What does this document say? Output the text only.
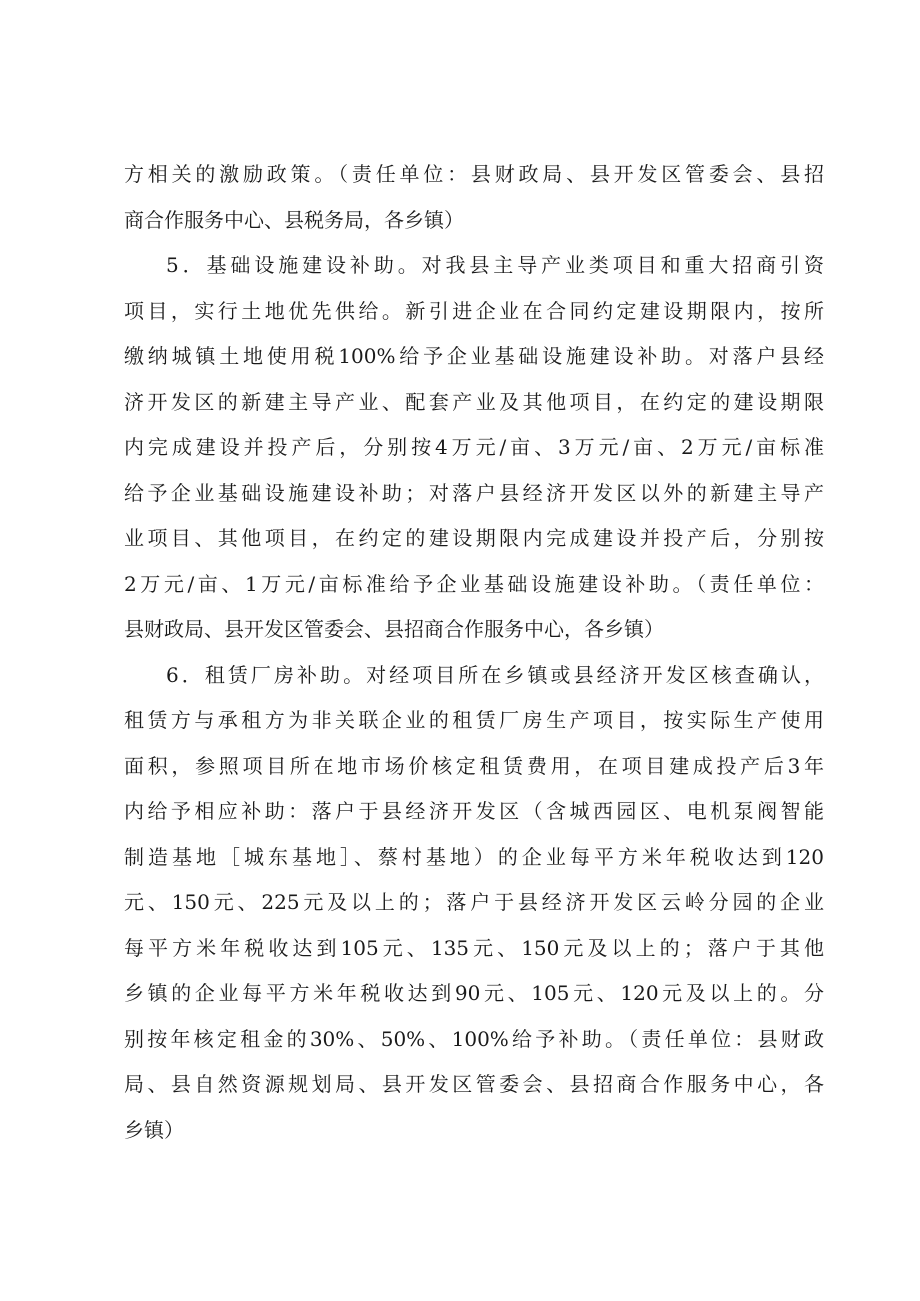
方相关的激励政策。（责任单位：县财政局、县开发区管委会、县招
商合作服务中心、县税务局，各乡镇）
5．基础设施建设补助。对我县主导产业类项目和重大招商引资
项目，实行土地优先供给。新引进企业在合同约定建设期限内，按所
缴纳城镇土地使用税100%给予企业基础设施建设补助。对落户县经
济开发区的新建主导产业、配套产业及其他项目，在约定的建设期限
内完成建设并投产后，分别按4万元/亩、3万元/亩、2万元/亩标准
给予企业基础设施建设补助；对落户县经济开发区以外的新建主导产
业项目、其他项目，在约定的建设期限内完成建设并投产后，分别按
2万元/亩、1万元/亩标准给予企业基础设施建设补助。（责任单位：
县财政局、县开发区管委会、县招商合作服务中心，各乡镇）
6．租赁厂房补助。对经项目所在乡镇或县经济开发区核查确认，
租赁方与承租方为非关联企业的租赁厂房生产项目，按实际生产使用
面积，参照项目所在地市场价核定租赁费用，在项目建成投产后3年
内给予相应补助：落户于县经济开发区（含城西园区、电机泵阀智能
制造基地［城东基地］、蔡村基地）的企业每平方米年税收达到120
元、150元、225元及以上的；落户于县经济开发区云岭分园的企业
每平方米年税收达到105元、135元、150元及以上的；落户于其他
乡镇的企业每平方米年税收达到90元、105元、120元及以上的。分
别按年核定租金的30%、50%、100%给予补助。（责任单位：县财政
局、县自然资源规划局、县开发区管委会、县招商合作服务中心，各
乡镇）
